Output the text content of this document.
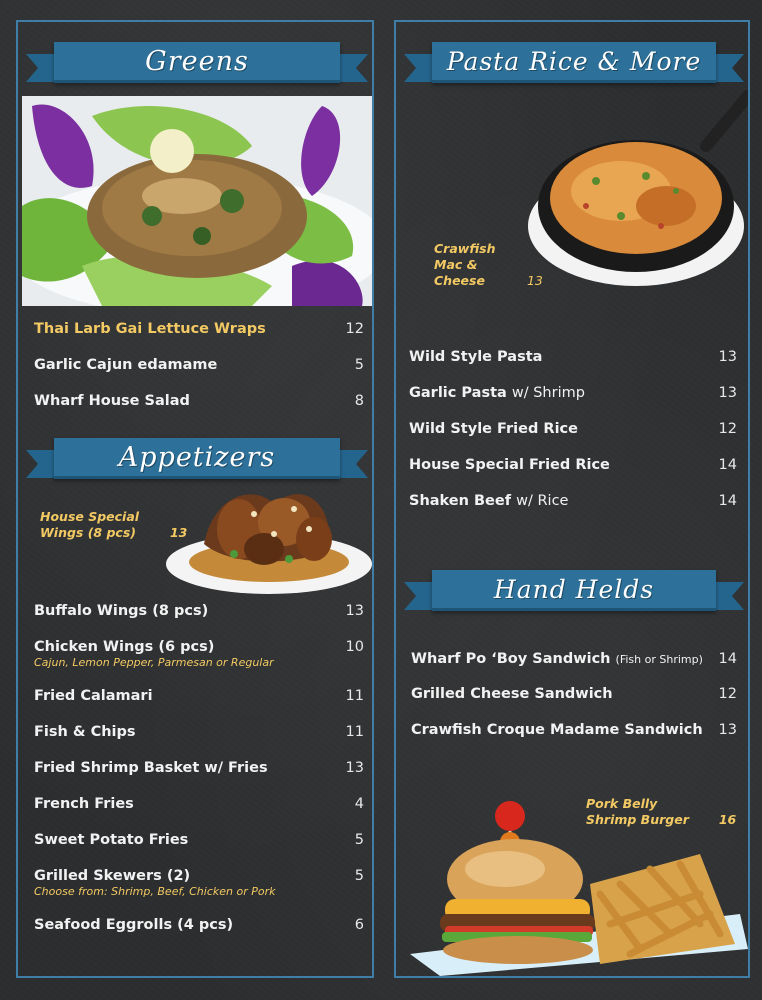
Greens
Thai Larb Gai Lettuce Wraps	12
Garlic Cajun edamame	5
Wharf House Salad	8
Appetizers
House Special
Wings (8 pcs)	13
Buffalo Wings (8 pcs)	13
Chicken Wings (6 pcs)	10
Cajun, Lemon Pepper, Parmesan or Regular
Fried Calamari	11
Fish & Chips	11
Fried Shrimp Basket w/ Fries	13
French Fries	4
Sweet Potato Fries	5
Grilled Skewers (2)	5
Choose from: Shrimp, Beef, Chicken or Pork
Seafood Eggrolls (4 pcs)	6
Pasta Rice & More
Crawfish
Mac &
Cheese	13
Wild Style Pasta	13
Garlic Pasta w/ Shrimp	13
Wild Style Fried Rice	12
House Special Fried Rice	14
Shaken Beef w/ Rice	14
Hand Helds
Wharf Po ‘Boy Sandwich (Fish or Shrimp) 14
Grilled Cheese Sandwich	12
Crawfish Croque Madame Sandwich 13
Pork Belly
Shrimp Burger 16
